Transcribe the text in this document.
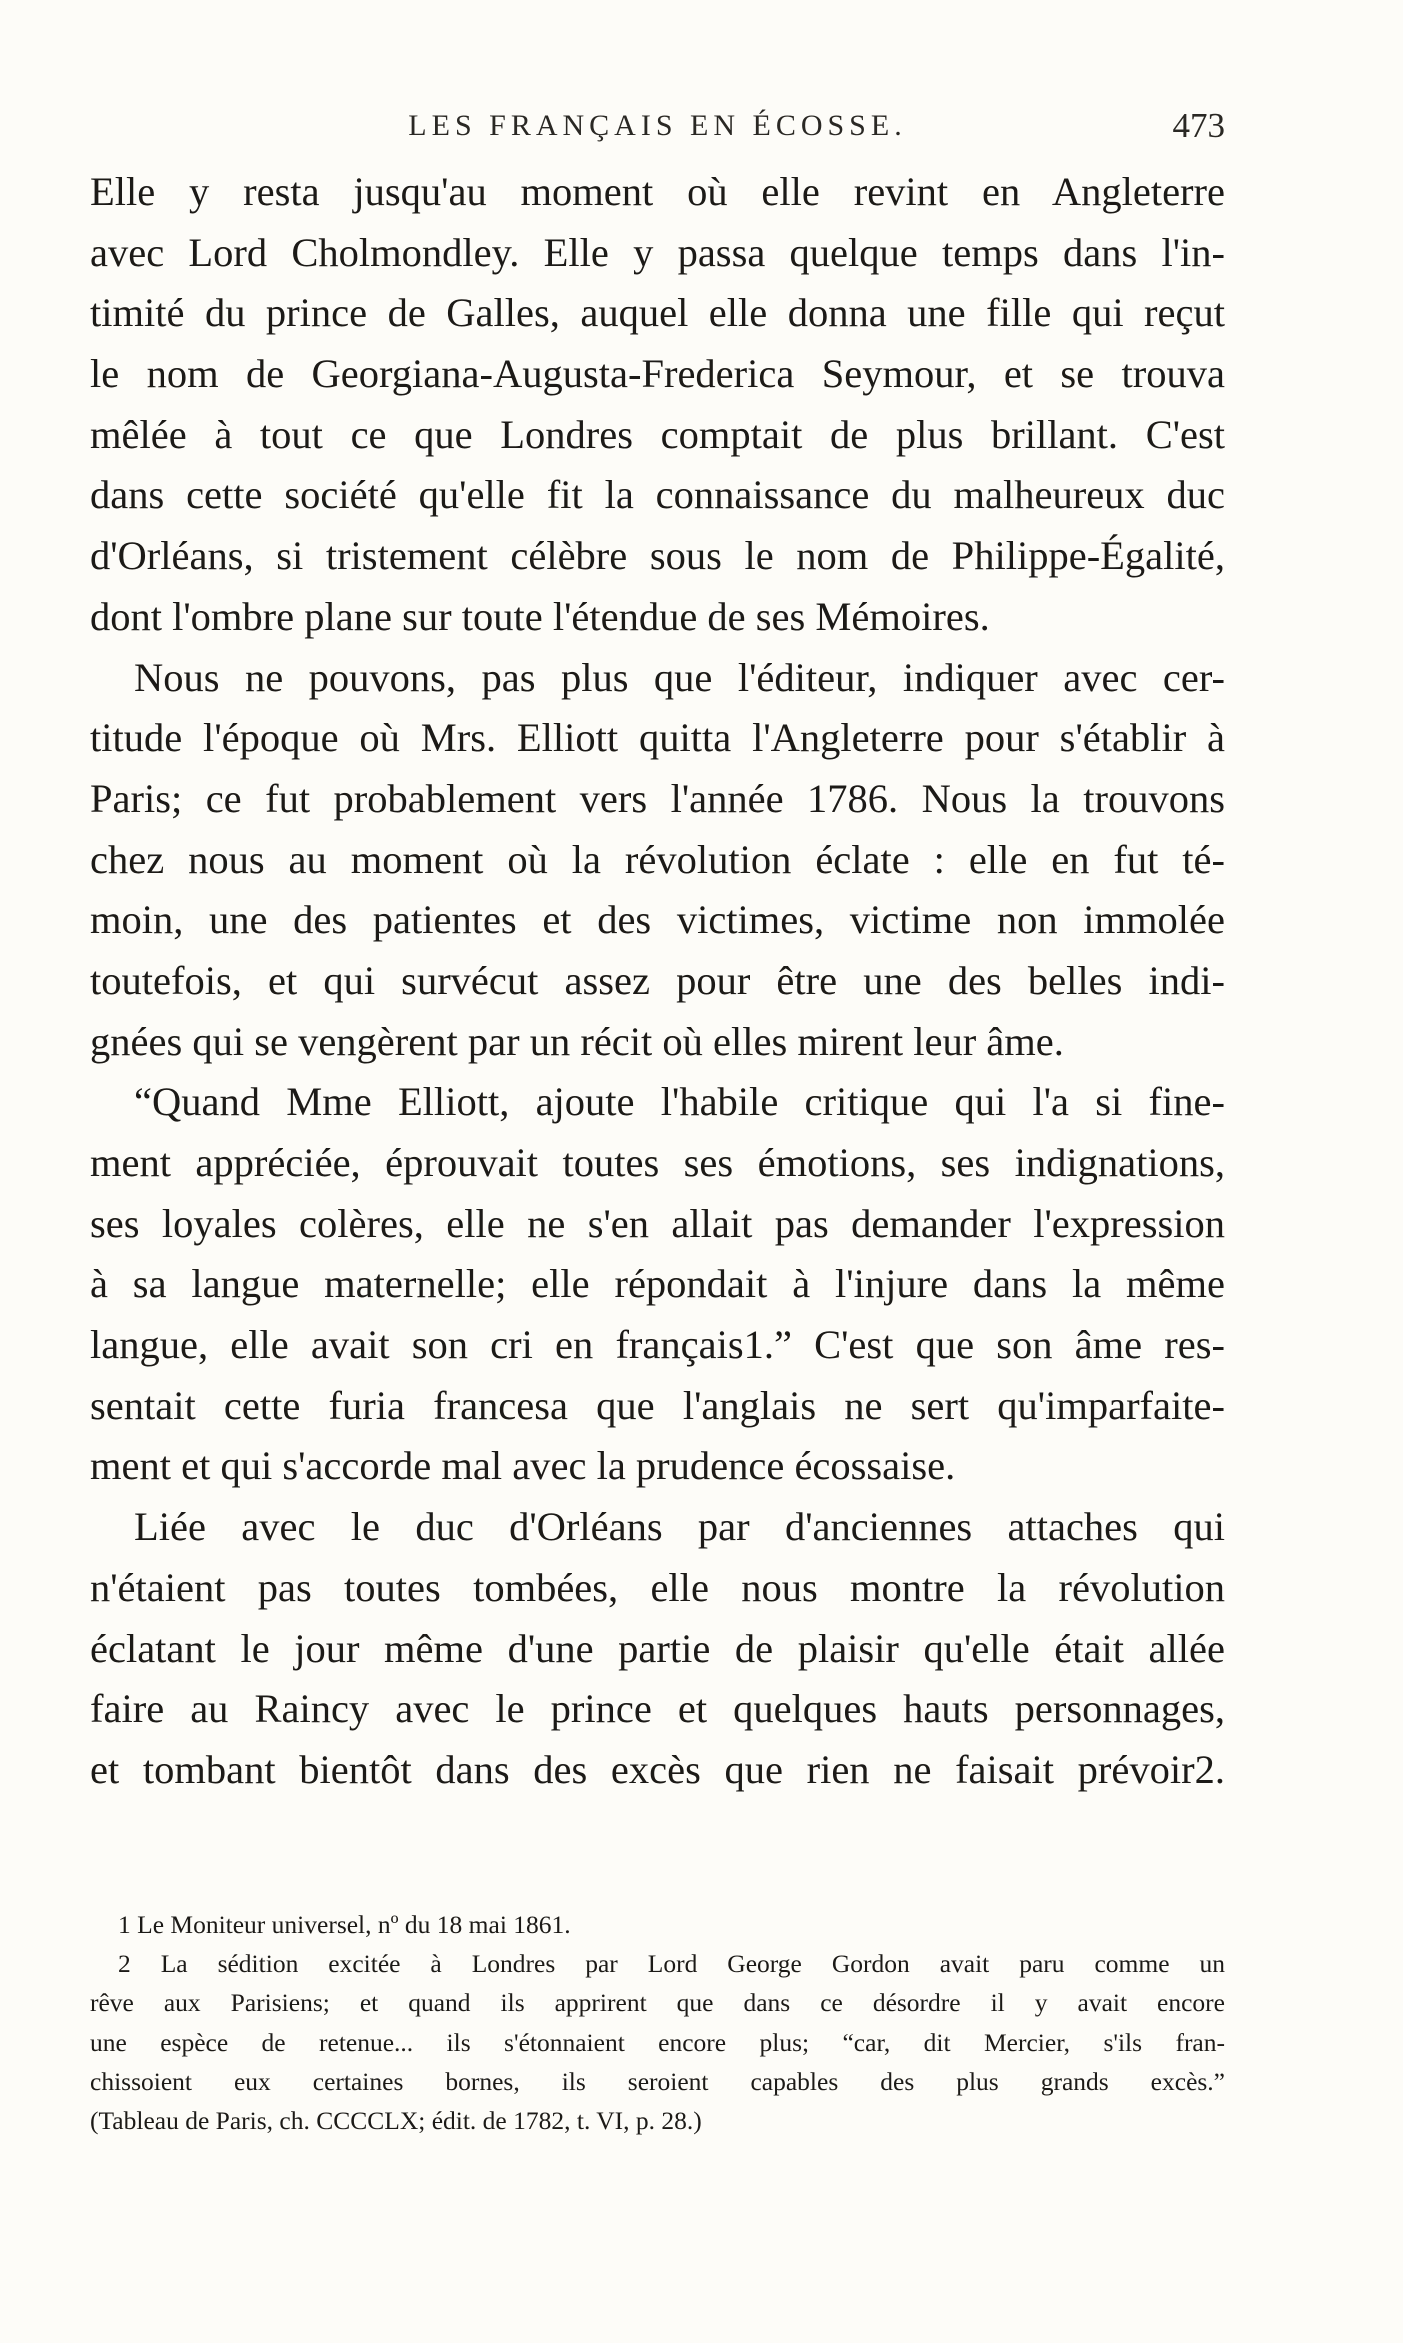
LES FRANÇAIS EN ÉCOSSE.	473
Elle y resta jusqu'au moment où elle revint en Angleterre
avec Lord Cholmondley. Elle y passa quelque temps dans l'in-
timité du prince de Galles, auquel elle donna une fille qui reçut
le nom de Georgiana-Augusta-Frederica Seymour, et se trouva
mêlée à tout ce que Londres comptait de plus brillant. C'est
dans cette société qu'elle fit la connaissance du malheureux duc
d'Orléans, si tristement célèbre sous le nom de Philippe-Égalité,
dont l'ombre plane sur toute l'étendue de ses Mémoires.
Nous ne pouvons, pas plus que l'éditeur, indiquer avec cer-
titude l'époque où Mrs. Elliott quitta l'Angleterre pour s'établir à
Paris; ce fut probablement vers l'année 1786. Nous la trouvons
chez nous au moment où la révolution éclate : elle en fut té-
moin, une des patientes et des victimes, victime non immolée
toutefois, et qui survécut assez pour être une des belles indi-
gnées qui se vengèrent par un récit où elles mirent leur âme.
“Quand Mme Elliott, ajoute l'habile critique qui l'a si fine-
ment appréciée, éprouvait toutes ses émotions, ses indignations,
ses loyales colères, elle ne s'en allait pas demander l'expression
à sa langue maternelle; elle répondait à l'injure dans la même
langue, elle avait son cri en français1.” C'est que son âme res-
sentait cette furia francesa que l'anglais ne sert qu'imparfaite-
ment et qui s'accorde mal avec la prudence écossaise.
Liée avec le duc d'Orléans par d'anciennes attaches qui
n'étaient pas toutes tombées, elle nous montre la révolution
éclatant le jour même d'une partie de plaisir qu'elle était allée
faire au Raincy avec le prince et quelques hauts personnages,
et tombant bientôt dans des excès que rien ne faisait prévoir2.
1 Le Moniteur universel, nº du 18 mai 1861.
2 La sédition excitée à Londres par Lord George Gordon avait paru comme un
rêve aux Parisiens; et quand ils apprirent que dans ce désordre il y avait encore
une espèce de retenue... ils s'étonnaient encore plus; “car, dit Mercier, s'ils fran-
chissoient eux certaines bornes, ils seroient capables des plus grands excès.”
(Tableau de Paris, ch. CCCCLX; édit. de 1782, t. VI, p. 28.)
